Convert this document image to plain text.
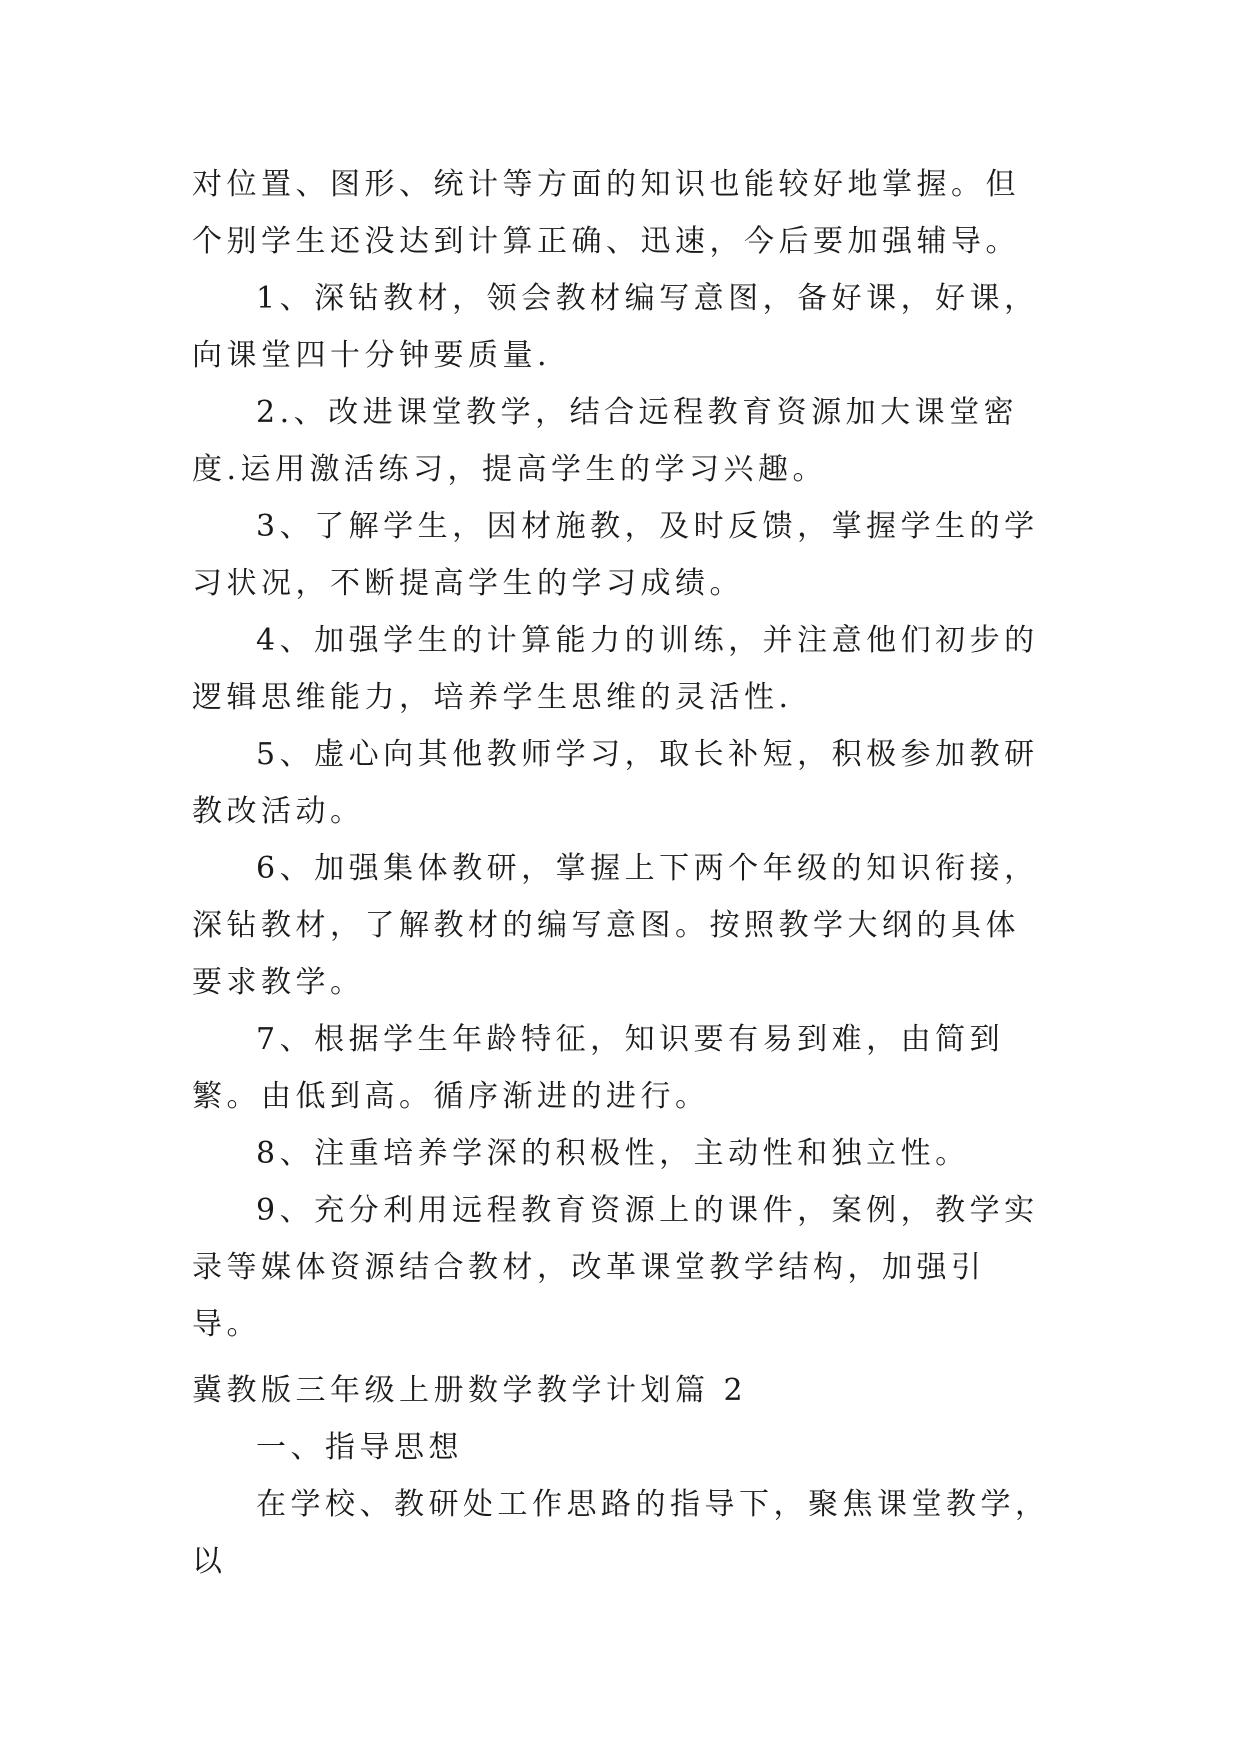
对位置、图形、统计等方面的知识也能较好地掌握。但个别学生还没达到计算正确、迅速，今后要加强辅导。

1、深钻教材，领会教材编写意图，备好课，好课，向课堂四十分钟要质量.

2.、改进课堂教学，结合远程教育资源加大课堂密度.运用激活练习，提高学生的学习兴趣。

3、了解学生，因材施教，及时反馈，掌握学生的学习状况，不断提高学生的学习成绩。

4、加强学生的计算能力的训练，并注意他们初步的逻辑思维能力，培养学生思维的灵活性.

5、虚心向其他教师学习，取长补短，积极参加教研教改活动。

6、加强集体教研，掌握上下两个年级的知识衔接，深钻教材，了解教材的编写意图。按照教学大纲的具体要求教学。

7、根据学生年龄特征，知识要有易到难，由简到繁。由低到高。循序渐进的进行。

8、注重培养学深的积极性，主动性和独立性。

9、充分利用远程教育资源上的课件，案例，教学实录等媒体资源结合教材，改革课堂教学结构，加强引导。

冀教版三年级上册数学教学计划篇 2

一、指导思想

在学校、教研处工作思路的指导下，聚焦课堂教学，以
